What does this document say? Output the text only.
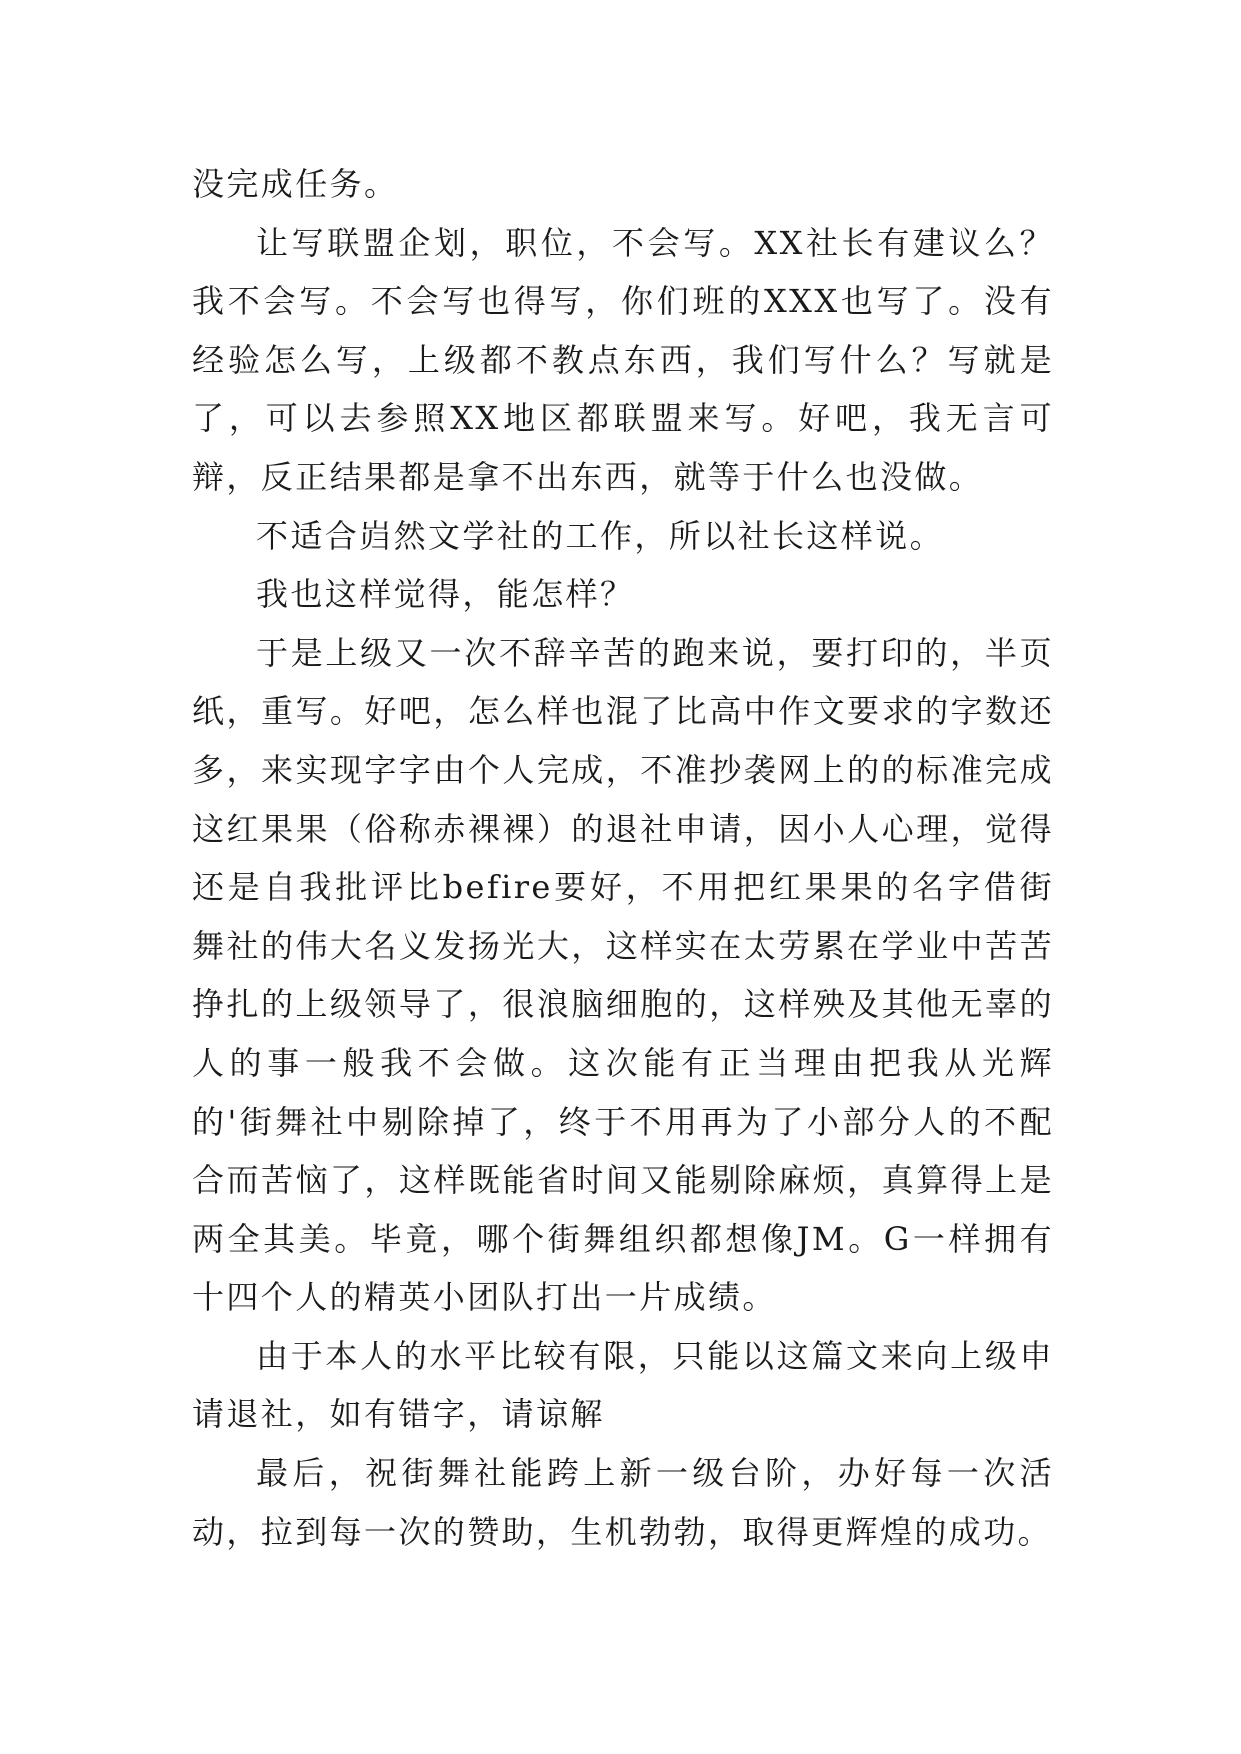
没完成任务。

让写联盟企划，职位，不会写。XX社长有建议么？我不会写。不会写也得写，你们班的XXX也写了。没有经验怎么写，上级都不教点东西，我们写什么？写就是了，可以去参照XX地区都联盟来写。好吧，我无言可辩，反正结果都是拿不出东西，就等于什么也没做。

不适合岿然文学社的工作，所以社长这样说。

我也这样觉得，能怎样？

于是上级又一次不辞辛苦的跑来说，要打印的，半页纸，重写。好吧，怎么样也混了比高中作文要求的字数还多，来实现字字由个人完成，不准抄袭网上的的标准完成这红果果（俗称赤裸裸）的退社申请，因小人心理，觉得还是自我批评比befire要好，不用把红果果的名字借街舞社的伟大名义发扬光大，这样实在太劳累在学业中苦苦挣扎的上级领导了，很浪脑细胞的，这样殃及其他无辜的人的事一般我不会做。这次能有正当理由把我从光辉的'街舞社中剔除掉了，终于不用再为了小部分人的不配合而苦恼了，这样既能省时间又能剔除麻烦，真算得上是两全其美。毕竟，哪个街舞组织都想像JM。G一样拥有十四个人的精英小团队打出一片成绩。

由于本人的水平比较有限，只能以这篇文来向上级申请退社，如有错字，请谅解

最后，祝街舞社能跨上新一级台阶，办好每一次活动，拉到每一次的赞助，生机勃勃，取得更辉煌的成功。
